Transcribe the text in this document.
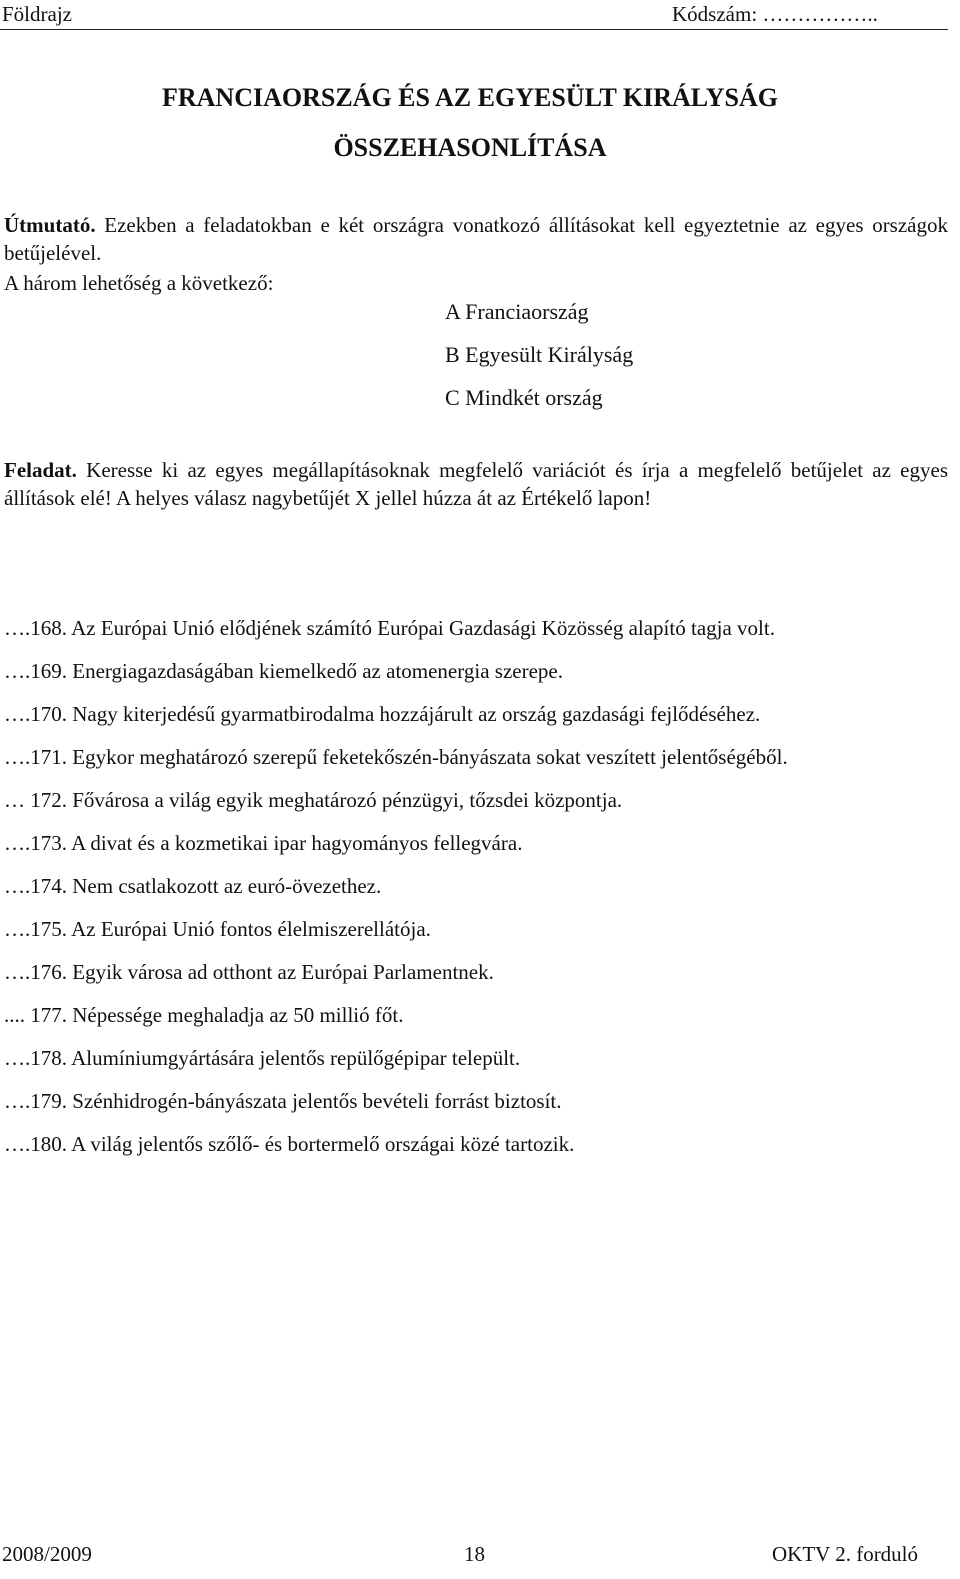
Földrajz	Kódszám: ……………..
FRANCIAORSZÁG ÉS AZ EGYESÜLT KIRÁLYSÁG
ÖSSZEHASONLÍTÁSA
Útmutató. Ezekben a feladatokban e két országra vonatkozó állításokat kell egyeztetnie az egyes országok betűjelével.
A három lehetőség a következő:
A Franciaország
B Egyesült Királyság
C Mindkét ország
Feladat. Keresse ki az egyes megállapításoknak megfelelő variációt és írja a megfelelő betűjelet az egyes állítások elé! A helyes válasz nagybetűjét X jellel húzza át az Értékelő lapon!
….168. Az Európai Unió elődjének számító Európai Gazdasági Közösség alapító tagja volt.
….169. Energiagazdaságában kiemelkedő az atomenergia szerepe.
….170. Nagy kiterjedésű gyarmatbirodalma hozzájárult az ország gazdasági fejlődéséhez.
….171. Egykor meghatározó szerepű feketekőszén-bányászata sokat veszített jelentőségéből.
… 172. Fővárosa a világ egyik meghatározó pénzügyi, tőzsdei központja.
….173. A divat és a kozmetikai ipar hagyományos fellegvára.
….174. Nem csatlakozott az euró-övezethez.
….175. Az Európai Unió fontos élelmiszerellátója.
….176. Egyik városa ad otthont az Európai Parlamentnek.
.... 177. Népessége meghaladja az 50 millió főt.
….178. Alumíniumgyártására jelentős repülőgépipar települt.
….179. Szénhidrogén-bányászata jelentős bevételi forrást biztosít.
….180. A világ jelentős szőlő- és bortermelő országai közé tartozik.
2008/2009	18	OKTV 2. forduló
